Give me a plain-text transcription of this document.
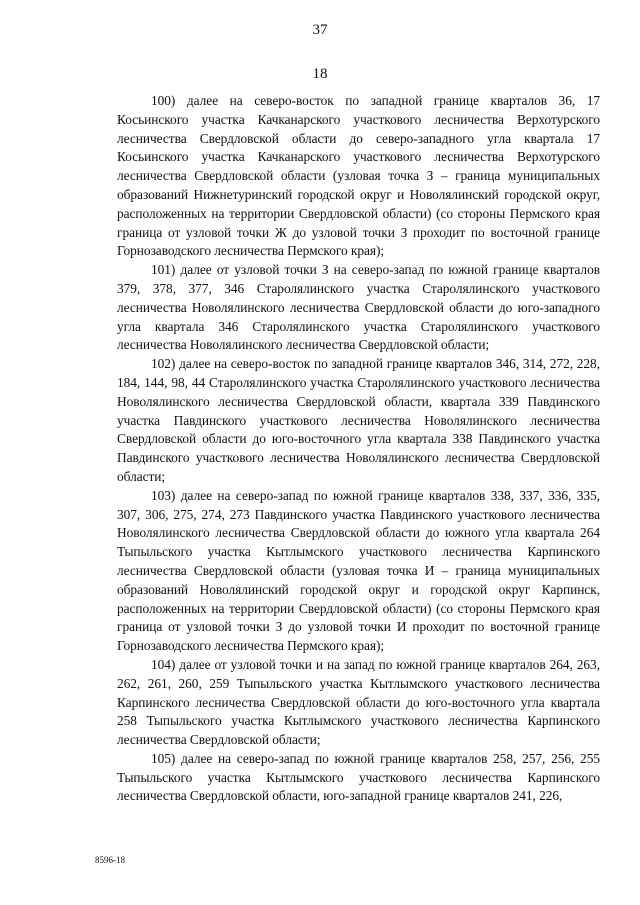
37
18

100) далее на северо-восток по западной границе кварталов 36, 17 Косьинского участка Качканарского участкового лесничества Верхотурского лесничества Свердловской области до северо-западного угла квартала 17 Косьинского участка Качканарского участкового лесничества Верхотурского лесничества Свердловской области (узловая точка З – граница муниципальных образований Нижнетуринский городской округ и Новолялинский городской округ, расположенных на территории Свердловской области) (со стороны Пермского края граница от узловой точки Ж до узловой точки З проходит по восточной границе Горнозаводского лесничества Пермского края);

101) далее от узловой точки З на северо-запад по южной границе кварталов 379, 378, 377, 346 Старолялинского участка Старолялинского участкового лесничества Новолялинского лесничества Свердловской области до юго-западного угла квартала 346 Старолялинского участка Старолялинского участкового лесничества Новолялинского лесничества Свердловской области;

102) далее на северо-восток по западной границе кварталов 346, 314, 272, 228, 184, 144, 98, 44 Старолялинского участка Старолялинского участкового лесничества Новолялинского лесничества Свердловской области, квартала 339 Павдинского участка Павдинского участкового лесничества Новолялинского лесничества Свердловской области до юго-восточного угла квартала 338 Павдинского участка Павдинского участкового лесничества Новолялинского лесничества Свердловской области;

103) далее на северо-запад по южной границе кварталов 338, 337, 336, 335, 307, 306, 275, 274, 273 Павдинского участка Павдинского участкового лесничества Новолялинского лесничества Свердловской области до южного угла квартала 264 Тыпыльского участка Кытлымского участкового лесничества Карпинского лесничества Свердловской области (узловая точка И – граница муниципальных образований Новолялинский городской округ и городской округ Карпинск, расположенных на территории Свердловской области) (со стороны Пермского края граница от узловой точки З до узловой точки И проходит по восточной границе Горнозаводского лесничества Пермского края);

104) далее от узловой точки и на запад по южной границе кварталов 264, 263, 262, 261, 260, 259 Тыпыльского участка Кытлымского участкового лесничества Карпинского лесничества Свердловской области до юго-восточного угла квартала 258 Тыпыльского участка Кытлымского участкового лесничества Карпинского лесничества Свердловской области;

105) далее на северо-запад по южной границе кварталов 258, 257, 256, 255 Тыпыльского участка Кытлымского участкового лесничества Карпинского лесничества Свердловской области, юго-западной границе кварталов 241, 226,

8596-18
